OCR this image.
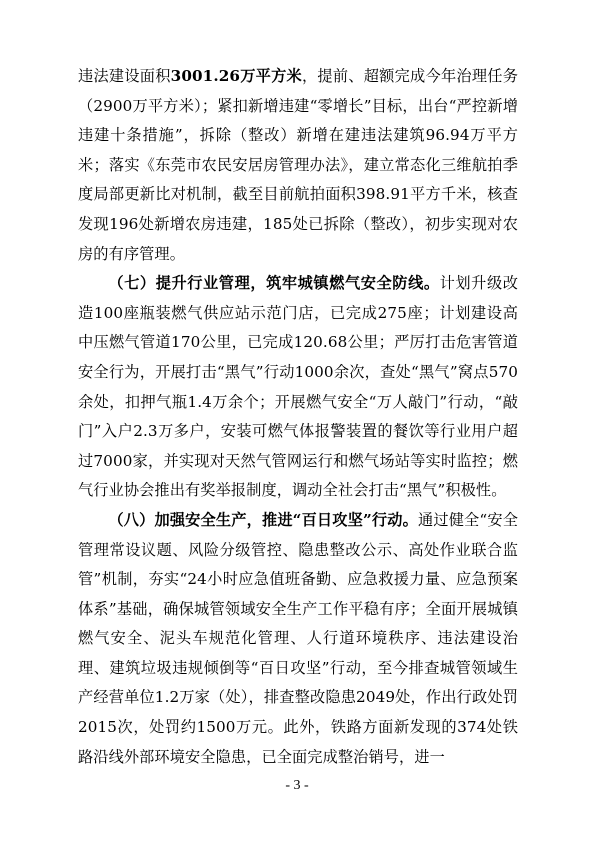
违法建设面积3001.26万平方米，提前、超额完成今年治理任务（2900万平方米）；紧扣新增违建“零增长”目标，出台“严控新增违建十条措施”，拆除（整改）新增在建违法建筑96.94万平方米；落实《东莞市农民安居房管理办法》，建立常态化三维航拍季度局部更新比对机制，截至目前航拍面积398.91平方千米，核查发现196处新增农房违建，185处已拆除（整改），初步实现对农房的有序管理。

（七）提升行业管理，筑牢城镇燃气安全防线。计划升级改造100座瓶装燃气供应站示范门店，已完成275座；计划建设高中压燃气管道170公里，已完成120.68公里；严厉打击危害管道安全行为，开展打击“黑气”行动1000余次，查处“黑气”窝点570余处，扣押气瓶1.4万余个；开展燃气安全“万人敲门”行动，“敲门”入户2.3万多户，安装可燃气体报警装置的餐饮等行业用户超过7000家，并实现对天然气管网运行和燃气场站等实时监控；燃气行业协会推出有奖举报制度，调动全社会打击“黑气”积极性。

（八）加强安全生产，推进“百日攻坚”行动。通过健全“安全管理常设议题、风险分级管控、隐患整改公示、高处作业联合监管”机制，夯实“24小时应急值班备勤、应急救援力量、应急预案体系”基础，确保城管领域安全生产工作平稳有序；全面开展城镇燃气安全、泥头车规范化管理、人行道环境秩序、违法建设治理、建筑垃圾违规倾倒等“百日攻坚”行动，至今排查城管领域生产经营单位1.2万家（处），排查整改隐患2049处，作出行政处罚2015次，处罚约1500万元。此外，铁路方面新发现的374处铁路沿线外部环境安全隐患，已全面完成整治销号，进一

- 3 -
